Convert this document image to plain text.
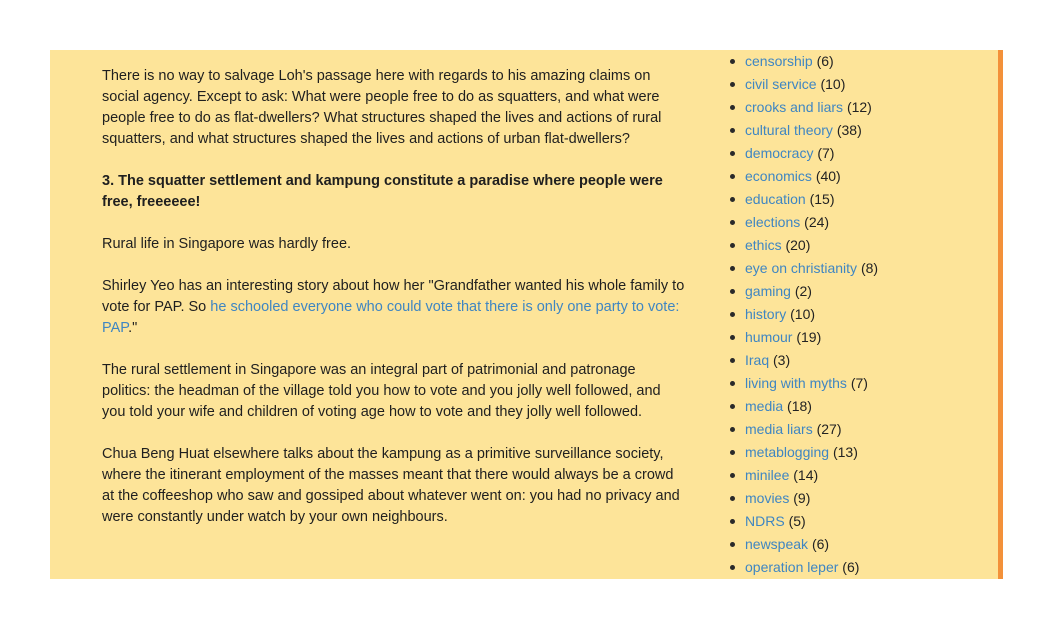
There is no way to salvage Loh's passage here with regards to his amazing claims on social agency. Except to ask: What were people free to do as squatters, and what were people free to do as flat-dwellers? What structures shaped the lives and actions of rural squatters, and what structures shaped the lives and actions of urban flat-dwellers?

3. The squatter settlement and kampung constitute a paradise where people were free, freeeeee!

Rural life in Singapore was hardly free.

Shirley Yeo has an interesting story about how her "Grandfather wanted his whole family to vote for PAP. So he schooled everyone who could vote that there is only one party to vote: PAP."

The rural settlement in Singapore was an integral part of patrimonial and patronage politics: the headman of the village told you how to vote and you jolly well followed, and you told your wife and children of voting age how to vote and they jolly well followed.

Chua Beng Huat elsewhere talks about the kampung as a primitive surveillance society, where the itinerant employment of the masses meant that there would always be a crowd at the coffeeshop who saw and gossiped about whatever went on: you had no privacy and were constantly under watch by your own neighbours.

censorship (6)
civil service (10)
crooks and liars (12)
cultural theory (38)
democracy (7)
economics (40)
education (15)
elections (24)
ethics (20)
eye on christianity (8)
gaming (2)
history (10)
humour (19)
Iraq (3)
living with myths (7)
media (18)
media liars (27)
metablogging (13)
minilee (14)
movies (9)
NDRS (5)
newspeak (6)
operation leper (6)
